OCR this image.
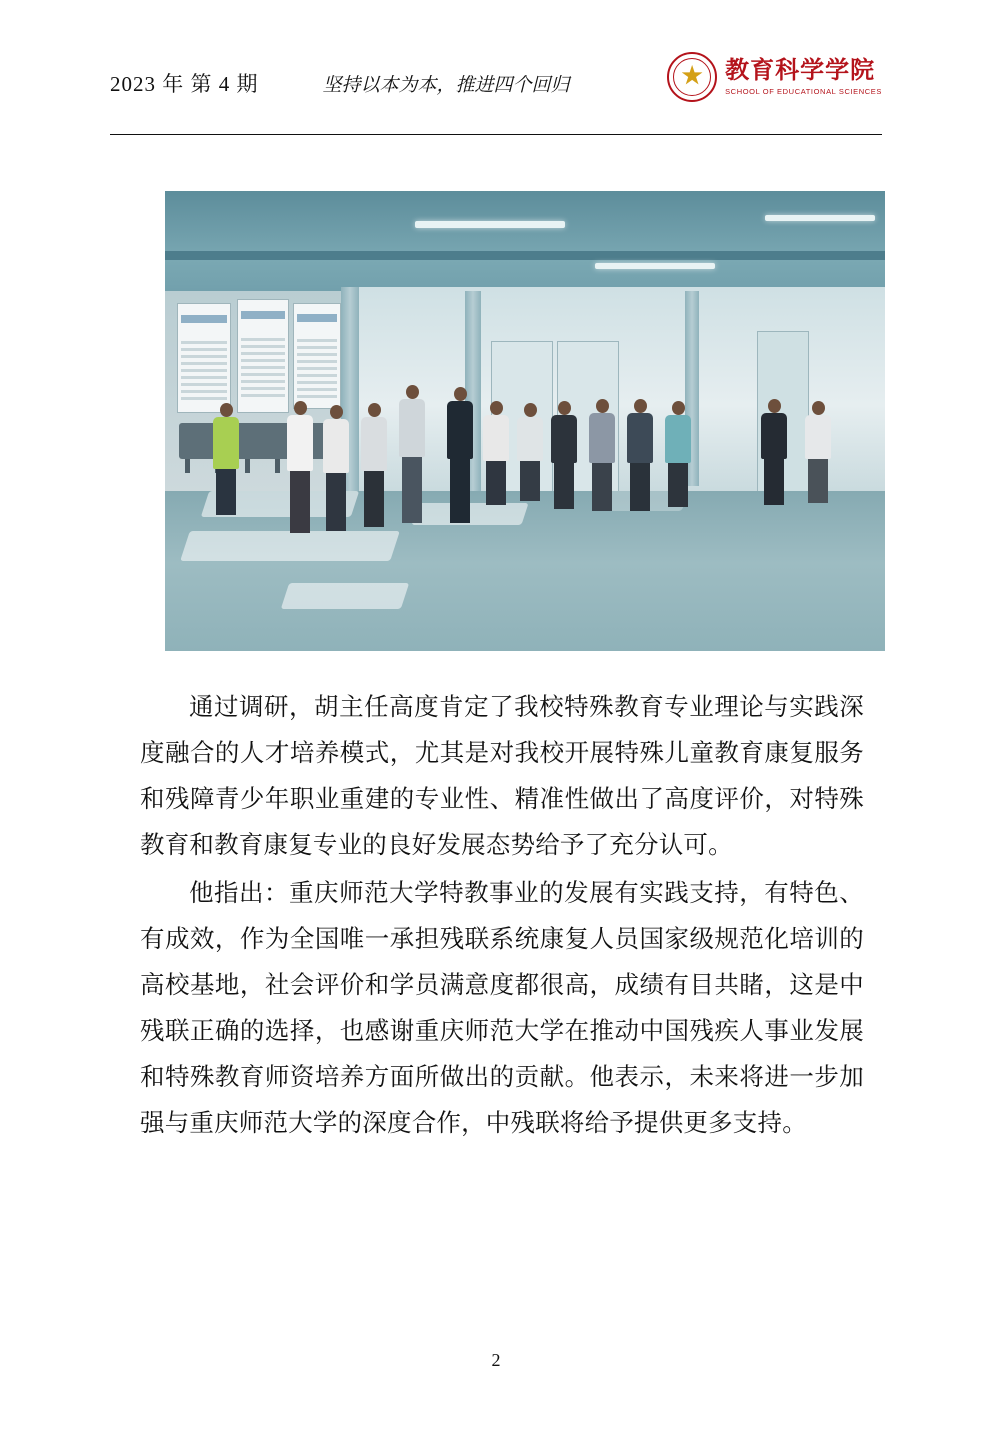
2023 年 第 4 期	坚持以本为本，推进四个回归
★
教育科学学院
SCHOOL OF EDUCATIONAL SCIENCES

通过调研，胡主任高度肯定了我校特殊教育专业理论与实践深度融合的人才培养模式，尤其是对我校开展特殊儿童教育康复服务和残障青少年职业重建的专业性、精准性做出了高度评价，对特殊教育和教育康复专业的良好发展态势给予了充分认可。

他指出：重庆师范大学特教事业的发展有实践支持，有特色、有成效，作为全国唯一承担残联系统康复人员国家级规范化培训的高校基地，社会评价和学员满意度都很高，成绩有目共睹，这是中残联正确的选择，也感谢重庆师范大学在推动中国残疾人事业发展和特殊教育师资培养方面所做出的贡献。他表示，未来将进一步加强与重庆师范大学的深度合作，中残联将给予提供更多支持。

2
